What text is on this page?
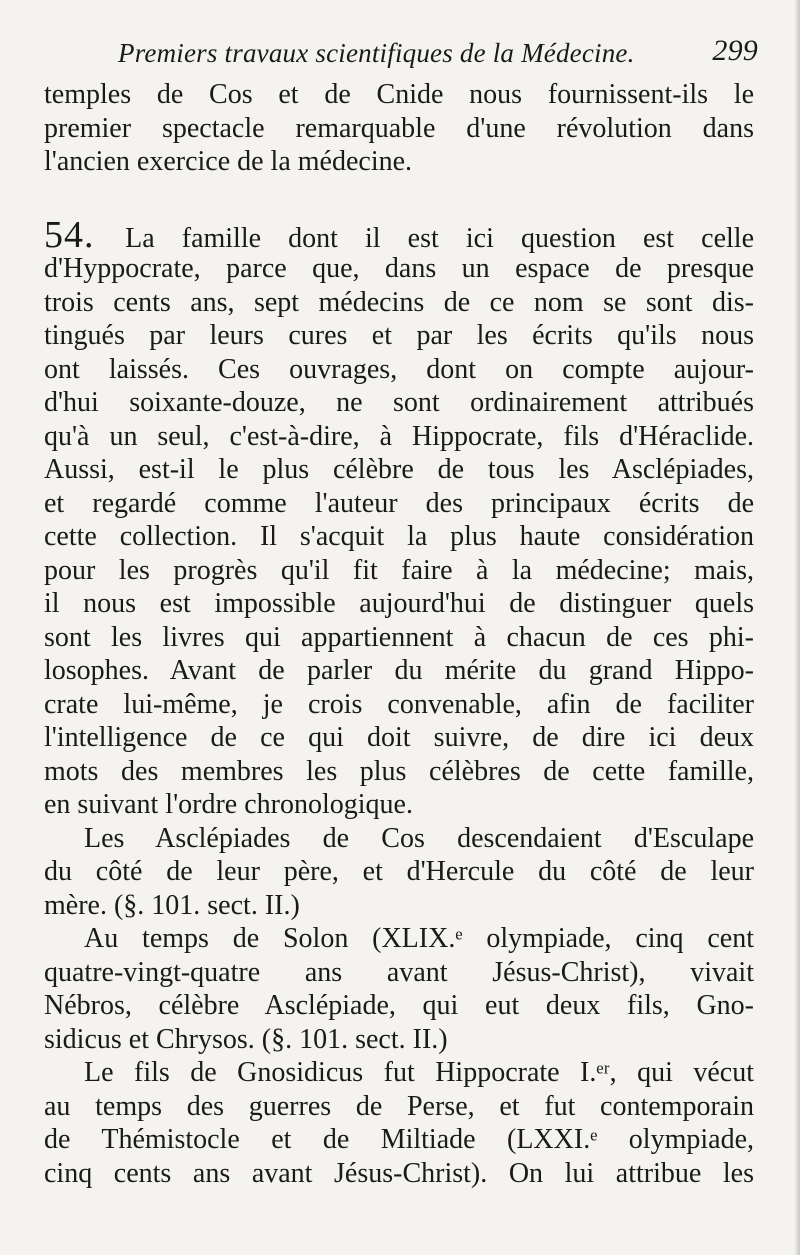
Premiers travaux scientifiques de la Médecine.	299
temples de Cos et de Cnide nous fournissent-ils le
premier spectacle remarquable d'une révolution dans
l'ancien exercice de la médecine.
54. La famille dont il est ici question est celle
d'Hyppocrate, parce que, dans un espace de presque
trois cents ans, sept médecins de ce nom se sont dis-
tingués par leurs cures et par les écrits qu'ils nous
ont laissés. Ces ouvrages, dont on compte aujour-
d'hui soixante-douze, ne sont ordinairement attribués
qu'à un seul, c'est-à-dire, à Hippocrate, fils d'Héraclide.
Aussi, est-il le plus célèbre de tous les Asclépiades,
et regardé comme l'auteur des principaux écrits de
cette collection. Il s'acquit la plus haute considération
pour les progrès qu'il fit faire à la médecine; mais,
il nous est impossible aujourd'hui de distinguer quels
sont les livres qui appartiennent à chacun de ces phi-
losophes. Avant de parler du mérite du grand Hippo-
crate lui-même, je crois convenable, afin de faciliter
l'intelligence de ce qui doit suivre, de dire ici deux
mots des membres les plus célèbres de cette famille,
en suivant l'ordre chronologique.
Les Asclépiades de Cos descendaient d'Esculape
du côté de leur père, et d'Hercule du côté de leur
mère. (§. 101. sect. II.)
Au temps de Solon (XLIX.ᵉ olympiade, cinq cent
quatre-vingt-quatre ans avant Jésus-Christ), vivait
Nébros, célèbre Asclépiade, qui eut deux fils, Gno-
sidicus et Chrysos. (§. 101. sect. II.)
Le fils de Gnosidicus fut Hippocrate I.ᵉʳ, qui vécut
au temps des guerres de Perse, et fut contemporain
de Thémistocle et de Miltiade (LXXI.ᵉ olympiade,
cinq cents ans avant Jésus-Christ). On lui attribue les
